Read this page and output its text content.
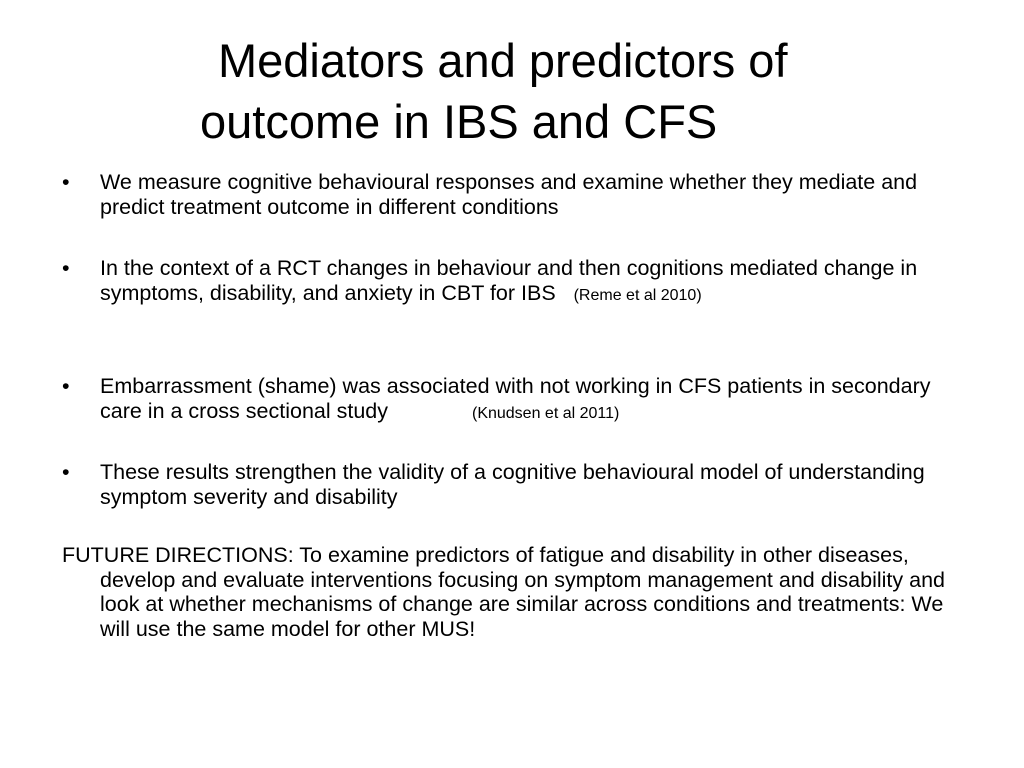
Mediators and predictors of
outcome in IBS and CFS
• We measure cognitive behavioural responses and examine whether they mediate and predict treatment outcome in different conditions
• In the context of a RCT changes in behaviour and then cognitions mediated change in symptoms, disability, and anxiety in CBT for IBS (Reme et al 2010)
• Embarrassment (shame) was associated with not working in CFS patients in secondary care in a cross sectional study	(Knudsen et al 2011)
• These results strengthen the validity of a cognitive behavioural model of understanding symptom severity and disability
FUTURE DIRECTIONS: To examine predictors of fatigue and disability in other diseases, develop and evaluate interventions focusing on symptom management and disability and look at whether mechanisms of change are similar across conditions and treatments: We will use the same model for other MUS!
